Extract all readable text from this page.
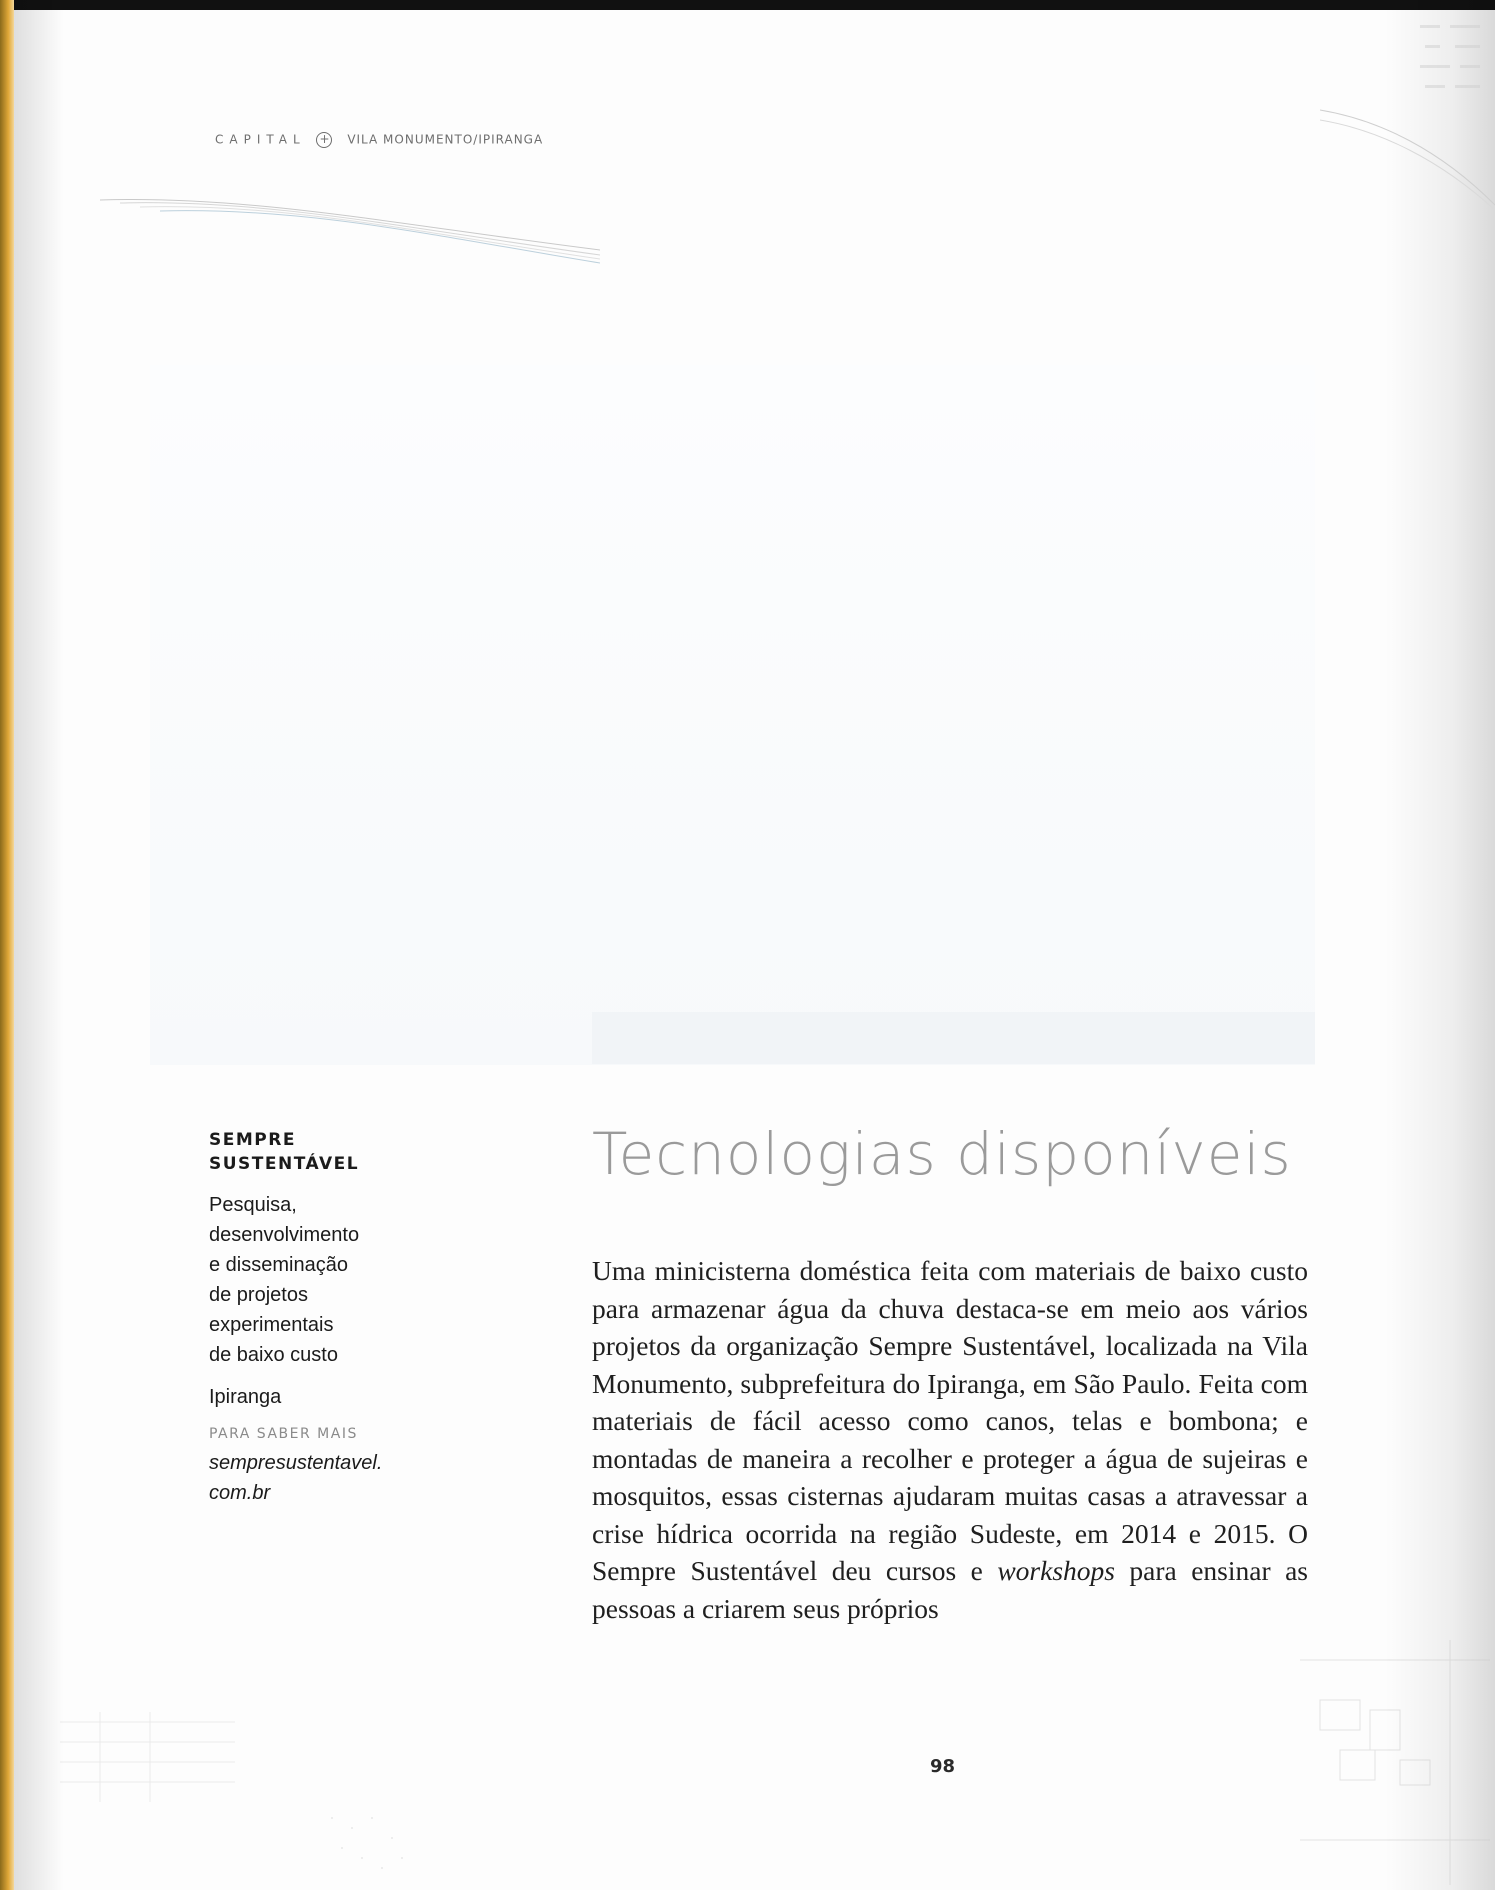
CAPITAL + VILA MONUMENTO/IPIRANGA

SEMPRE
SUSTENTÁVEL

Pesquisa,
desenvolvimento
e disseminação
de projetos
experimentais
de baixo custo

Ipiranga

PARA SABER MAIS

sempresustentavel.
com.br

Tecnologias disponíveis

Uma minicisterna doméstica feita com materiais de baixo custo para armazenar água da chuva destaca-se em meio aos vários projetos da organização Sempre Sustentável, localizada na Vila Monumento, subprefeitura do Ipiranga, em São Paulo. Feita com materiais de fácil acesso como canos, telas e bombona; e montadas de maneira a recolher e proteger a água de sujeiras e mosquitos, essas cisternas ajudaram muitas casas a atravessar a crise hídrica ocorrida na região Sudeste, em 2014 e 2015. O Sempre Sustentável deu cursos e workshops para ensinar as pessoas a criarem seus próprios

98
